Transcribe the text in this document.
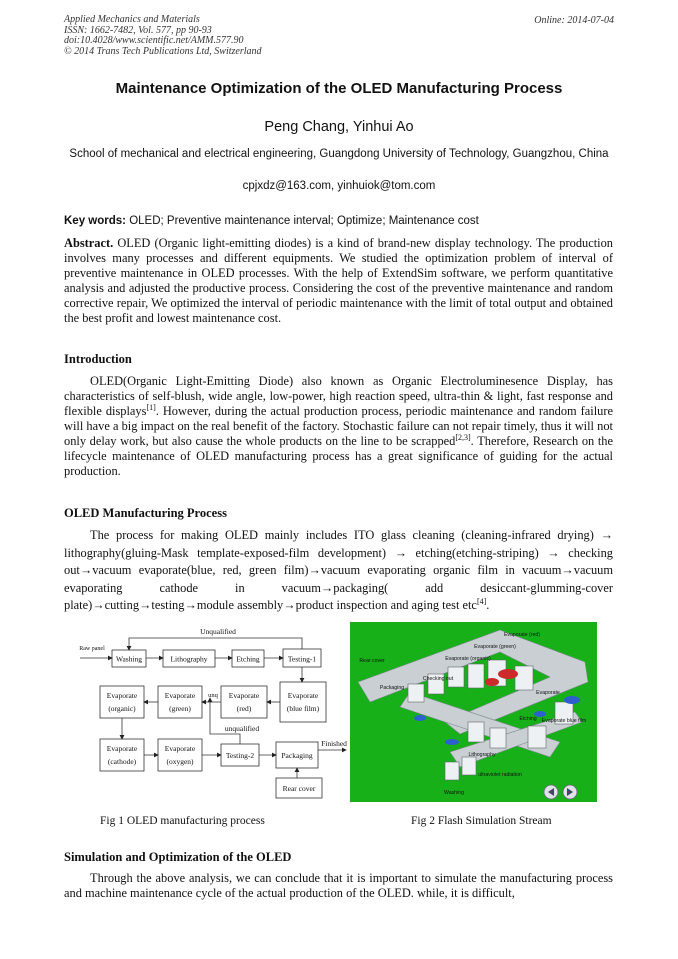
Applied Mechanics and Materials
ISSN: 1662-7482, Vol. 577, pp 90-93
doi:10.4028/www.scientific.net/AMM.577.90
© 2014 Trans Tech Publications Ltd, Switzerland
Online: 2014-07-04
Maintenance Optimization of the OLED Manufacturing Process
Peng Chang, Yinhui Ao
School of mechanical and electrical engineering, Guangdong University of Technology, Guangzhou, China
cpjxdz@163.com, yinhuiok@tom.com
Key words: OLED; Preventive maintenance interval; Optimize; Maintenance cost

Abstract. OLED (Organic light-emitting diodes) is a kind of brand-new display technology. The production involves many processes and different equipments. We studied the optimization problem of interval of preventive maintenance in OLED processes. With the help of ExtendSim software, we perform quantitative analysis and adjusted the productive process. Considering the cost of the preventive maintenance and random corrective repair, We optimized the interval of periodic maintenance with the limit of total output and obtained the best profit and lowest maintenance cost.

Introduction

OLED(Organic Light-Emitting Diode) also known as Organic Electroluminesence Display, has characteristics of self-blush, wide angle, low-power, high reaction speed, ultra-thin & light, fast response and flexible displays[1]. However, during the actual production process, periodic maintenance and random failure will have a big impact on the real benefit of the factory. Stochastic failure can not repair timely, thus it will not only delay work, but also cause the whole products on the line to be scrapped[2,3]. Therefore, Research on the lifecycle maintenance of OLED manufacturing process has a great significance of guiding for the actual production.

OLED Manufacturing Process

The process for making OLED mainly includes ITO glass cleaning (cleaning-infrared drying) → lithography(gluing-Mask template-exposed-film development) → etching(etching-striping) → checking out→vacuum evaporate(blue, red, green film)→vacuum evaporating organic film in vacuum→vacuum evaporating cathode in vacuum→packaging( add desiccant-glumming-cover plate)→cutting→testing→module assembly→product inspection and aging test etc[4].

Raw panel
Unqualified
Washing	Lithography	Etching	Testing-1
Evaporate
(organic)
Evaporate
(green)
Evaporate
(red)
Evaporate
(blue film)
unq
Evaporate
(cathode)
Evaporate
(oxygen)
unqualified
Testing-2	Packaging
Finished
Rear cover
Evaporate (red)
Evaporate (green)
Evaporate (organic)
Rear cover
Packaging
Checking out
Evaporate
Evaporate blue film
Etching
Lithography
ultraviolet radiation
Washing
Fig 1 OLED manufacturing process	Fig 2 Flash Simulation Stream
Simulation and Optimization of the OLED

Through the above analysis, we can conclude that it is important to simulate the manufacturing process and machine maintenance cycle of the actual production of the OLED. while, it is difficult,
